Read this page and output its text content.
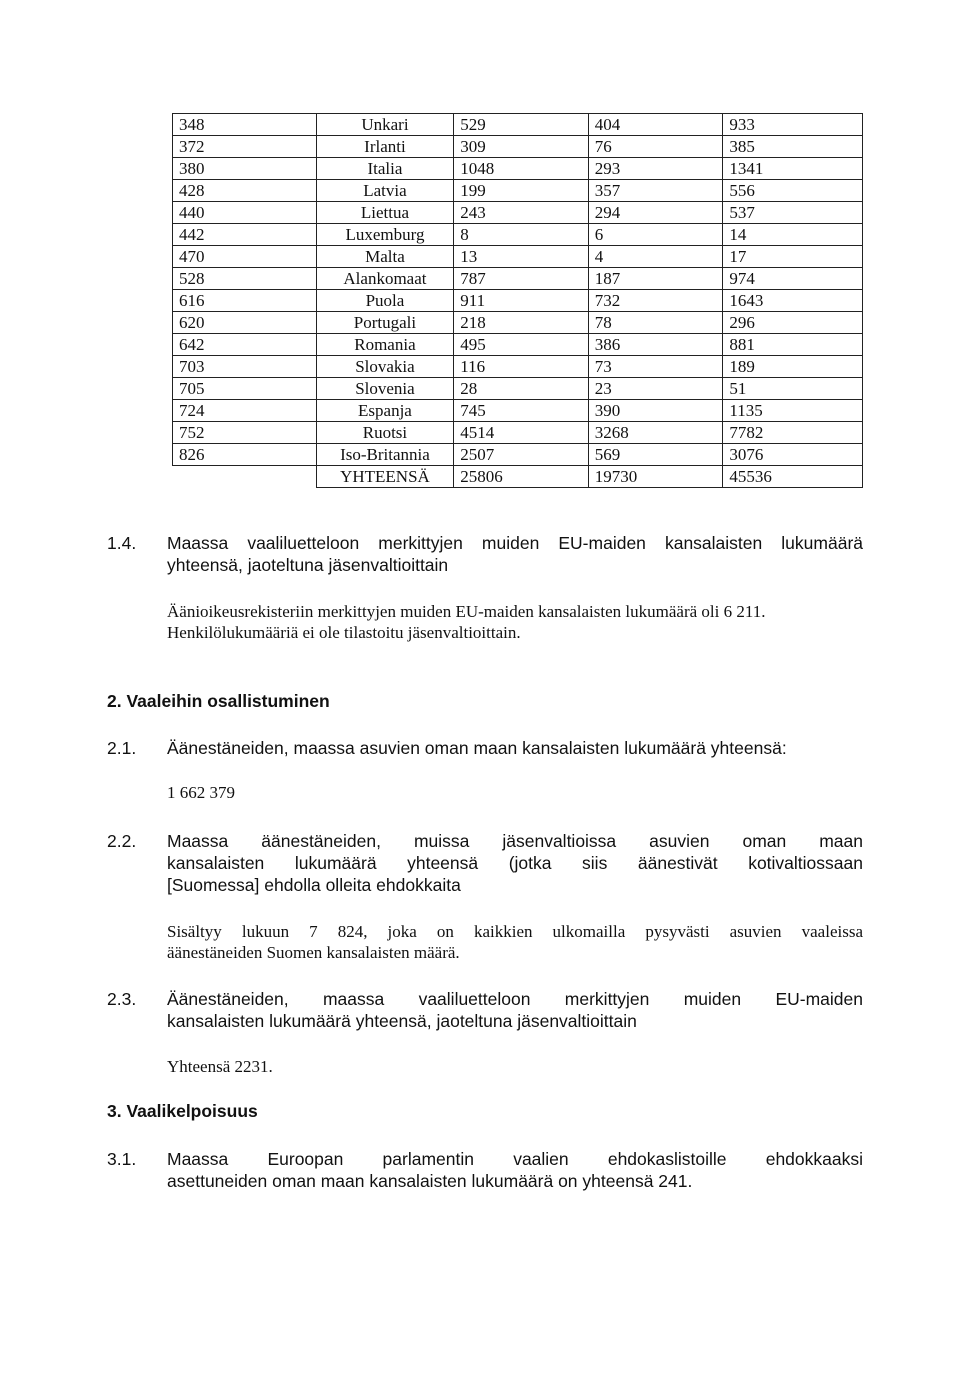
348	Unkari	529	404	933
372	Irlanti	309	76	385
380	Italia	1048	293	1341
428	Latvia	199	357	556
440	Liettua	243	294	537
442	Luxemburg	8	6	14
470	Malta	13	4	17
528	Alankomaat	787	187	974
616	Puola	911	732	1643
620	Portugali	218	78	296
642	Romania	495	386	881
703	Slovakia	116	73	189
705	Slovenia	28	23	51
724	Espanja	745	390	1135
752	Ruotsi	4514	3268	7782
826	Iso-Britannia	2507	569	3076
	YHTEENSÄ	25806	19730	45536
1.4. Maassa vaaliluetteloon merkittyjen muiden EU-maiden kansalaisten lukumäärä
yhteensä, jaoteltuna jäsenvaltioittain
Äänioikeusrekisteriin merkittyjen muiden EU-maiden kansalaisten lukumäärä oli 6 211.
Henkilölukumääriä ei ole tilastoitu jäsenvaltioittain.
2. Vaaleihin osallistuminen
2.1. Äänestäneiden, maassa asuvien oman maan kansalaisten lukumäärä yhteensä:
1 662 379
2.2. Maassa äänestäneiden, muissa jäsenvaltioissa asuvien oman maan
kansalaisten lukumäärä yhteensä (jotka siis äänestivät kotivaltiossaan
[Suomessa] ehdolla olleita ehdokkaita
Sisältyy lukuun 7 824, joka on kaikkien ulkomailla pysyvästi asuvien vaaleissa
äänestäneiden Suomen kansalaisten määrä.
2.3. Äänestäneiden, maassa vaaliluetteloon merkittyjen muiden EU-maiden
kansalaisten lukumäärä yhteensä, jaoteltuna jäsenvaltioittain
Yhteensä 2231.
3. Vaalikelpoisuus
3.1. Maassa Euroopan parlamentin vaalien ehdokaslistoille ehdokkaaksi
asettuneiden oman maan kansalaisten lukumäärä on yhteensä 241.
